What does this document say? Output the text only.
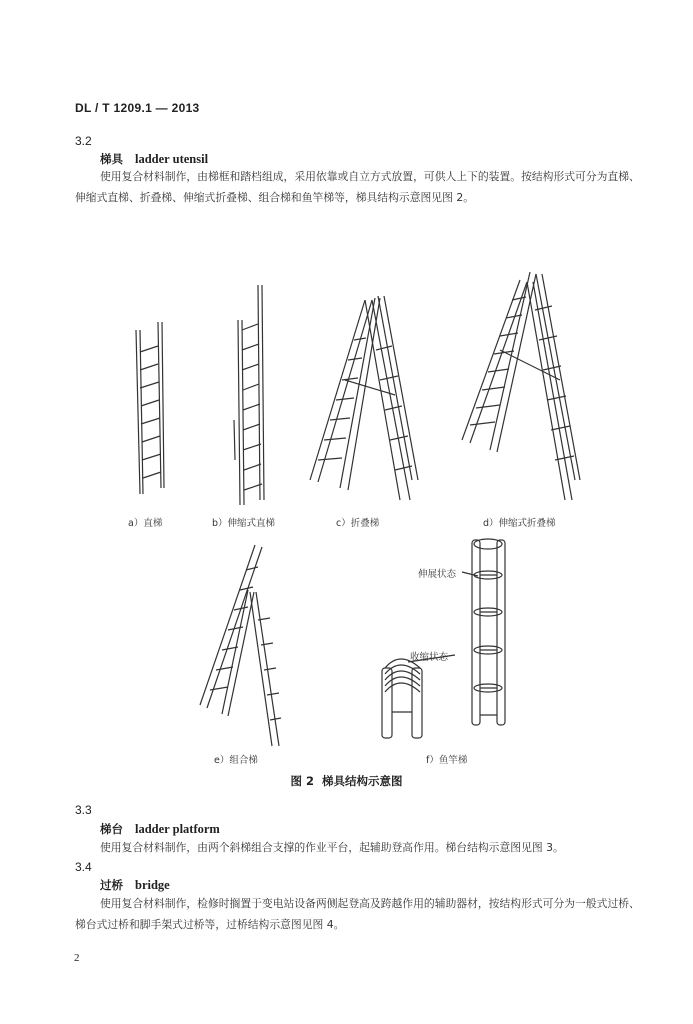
DL / T 1209.1 — 2013
3.2
梯具 ladder utensil
使用复合材料制作，由梯框和踏档组成，采用依靠或自立方式放置，可供人上下的装置。按结构形式可分为直梯、伸缩式直梯、折叠梯、伸缩式折叠梯、组合梯和鱼竿梯等，梯具结构示意图见图 2。
a）直梯	b）伸缩式直梯	c）折叠梯	d）伸缩式折叠梯
e）组合梯	f）鱼竿梯
伸展状态
收缩状态
图 2 梯具结构示意图
3.3
梯台 ladder platform
使用复合材料制作，由两个斜梯组合支撑的作业平台，起辅助登高作用。梯台结构示意图见图 3。
3.4
过桥 bridge
使用复合材料制作，检修时搁置于变电站设备两侧起登高及跨越作用的辅助器材，按结构形式可分为一般式过桥、梯台式过桥和脚手架式过桥等，过桥结构示意图见图 4。
2
